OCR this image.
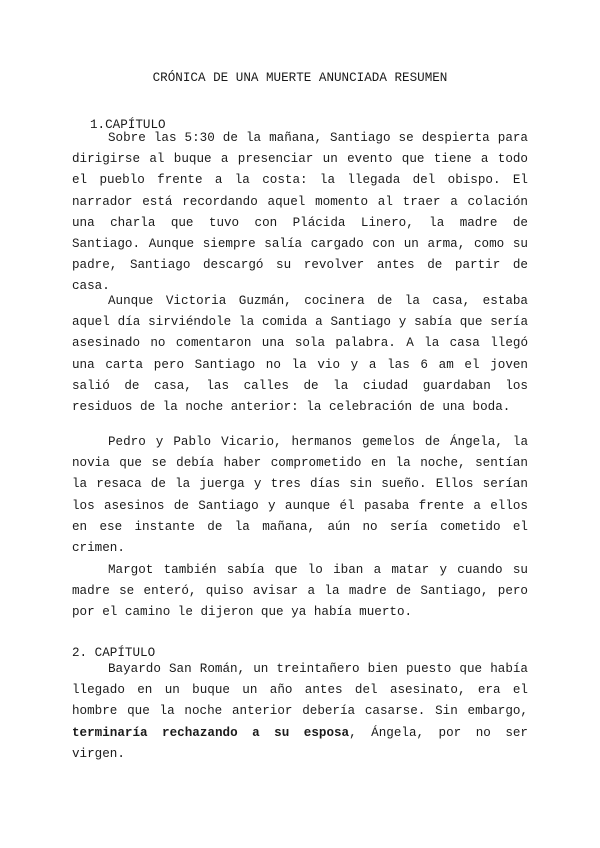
CRÓNICA DE UNA MUERTE ANUNCIADA RESUMEN
1.CAPÍTULO

Sobre las 5:30 de la mañana, Santiago se despierta para dirigirse al buque a presenciar un evento que tiene a todo el pueblo frente a la costa: la llegada del obispo. El narrador está recordando aquel momento al traer a colación una charla que tuvo con Plácida Linero, la madre de Santiago. Aunque siempre salía cargado con un arma, como su padre, Santiago descargó su revolver antes de partir de casa.

Aunque Victoria Guzmán, cocinera de la casa, estaba aquel día sirviéndole la comida a Santiago y sabía que sería asesinado no comentaron una sola palabra. A la casa llegó una carta pero Santiago no la vio y a las 6 am el joven salió de casa, las calles de la ciudad guardaban los residuos de la noche anterior: la celebración de una boda.

Pedro y Pablo Vicario, hermanos gemelos de Ángela, la novia que se debía haber comprometido en la noche, sentían la resaca de la juerga y tres días sin sueño. Ellos serían los asesinos de Santiago y aunque él pasaba frente a ellos en ese instante de la mañana, aún no sería cometido el crimen.

Margot también sabía que lo iban a matar y cuando su madre se enteró, quiso avisar a la madre de Santiago, pero por el camino le dijeron que ya había muerto.

2. CAPÍTULO

Bayardo San Román, un treintañero bien puesto que había llegado en un buque un año antes del asesinato, era el hombre que la noche anterior debería casarse. Sin embargo, terminaría rechazando a su esposa, Ángela, por no ser virgen.
